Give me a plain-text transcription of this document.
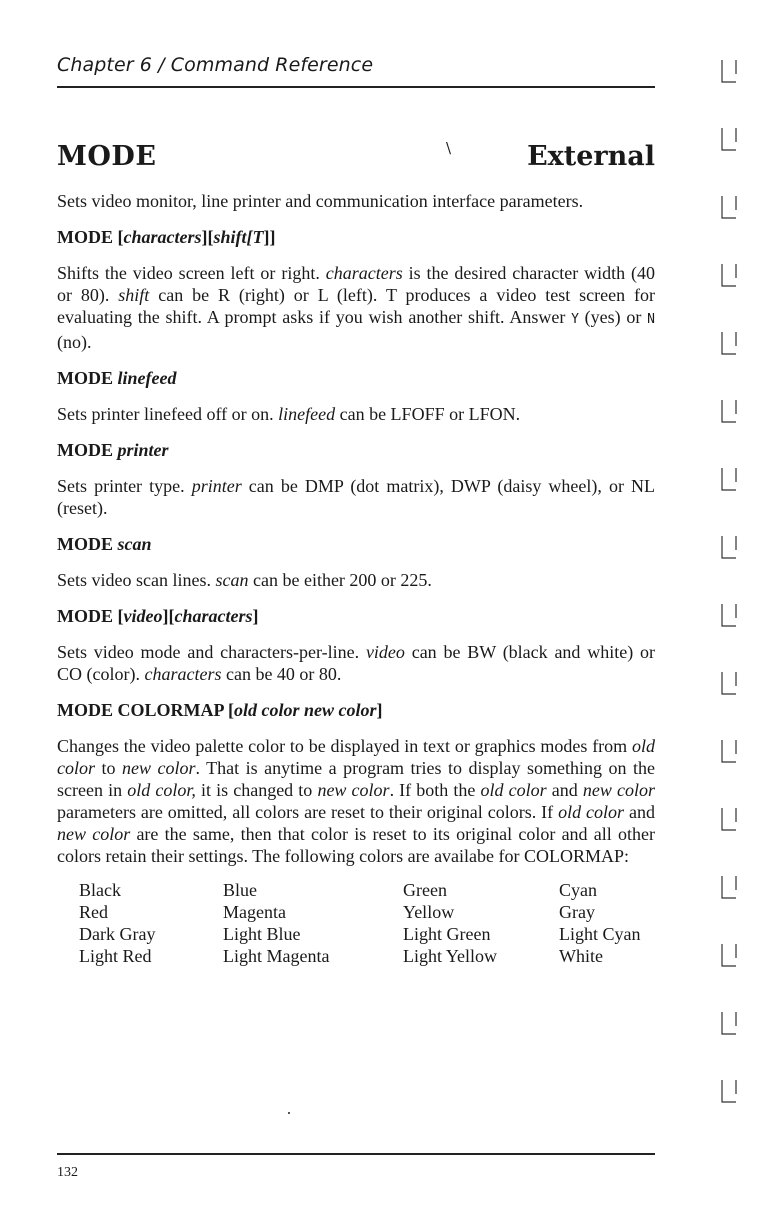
Chapter 6 / Command Reference
MODE	\	External

Sets video monitor, line printer and communication interface parameters.

MODE [characters][shift[T]]

Shifts the video screen left or right. characters is the desired character width (40 or 80). shift can be R (right) or L (left). T produces a video test screen for evaluating the shift. A prompt asks if you wish another shift. Answer Y (yes) or N (no).

MODE linefeed

Sets printer linefeed off or on. linefeed can be LFOFF or LFON.

MODE printer

Sets printer type. printer can be DMP (dot matrix), DWP (daisy wheel), or NL (reset).

MODE scan

Sets video scan lines. scan can be either 200 or 225.

MODE [video][characters]

Sets video mode and characters-per-line. video can be BW (black and white) or CO (color). characters can be 40 or 80.

MODE COLORMAP [old color new color]

Changes the video palette color to be displayed in text or graphics modes from old color to new color. That is anytime a program tries to display something on the screen in old color, it is changed to new color. If both the old color and new color parameters are omitted, all colors are reset to their original colors. If old color and new color are the same, then that color is reset to its original color and all other colors retain their settings. The following colors are availabe for COLORMAP:

Black	Blue	Green	Cyan
Red	Magenta	Yellow	Gray
Dark Gray	Light Blue	Light Green	Light Cyan
Light Red	Light Magenta	Light Yellow	White
132
